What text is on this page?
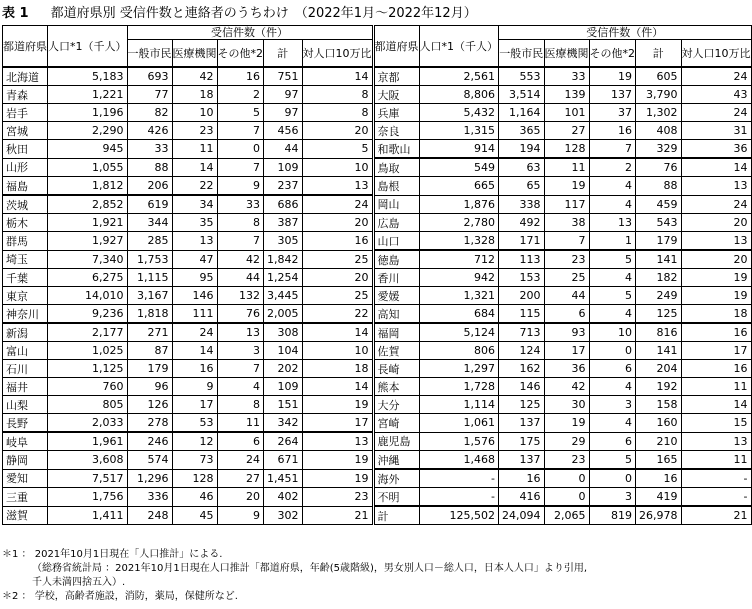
表 1 都道府県別 受信件数と連絡者のうちわけ （2022年1月～2022年12月）
都道府県	人口*1（千人）	受信件数（件）					都道府県	人口*1（千人）	受信件数（件）				
		一般市民	医療機関	その他*2	計	対人口10万比			一般市民	医療機関	その他*2	計	対人口10万比
北海道	5,183	693	42	16	751	14	京都	2,561	553	33	19	605	24
青森	1,221	77	18	2	97	8	大阪	8,806	3,514	139	137	3,790	43
岩手	1,196	82	10	5	97	8	兵庫	5,432	1,164	101	37	1,302	24
宮城	2,290	426	23	7	456	20	奈良	1,315	365	27	16	408	31
秋田	945	33	11	0	44	5	和歌山	914	194	128	7	329	36
山形	1,055	88	14	7	109	10	鳥取	549	63	11	2	76	14
福島	1,812	206	22	9	237	13	島根	665	65	19	4	88	13
茨城	2,852	619	34	33	686	24	岡山	1,876	338	117	4	459	24
栃木	1,921	344	35	8	387	20	広島	2,780	492	38	13	543	20
群馬	1,927	285	13	7	305	16	山口	1,328	171	7	1	179	13
埼玉	7,340	1,753	47	42	1,842	25	徳島	712	113	23	5	141	20
千葉	6,275	1,115	95	44	1,254	20	香川	942	153	25	4	182	19
東京	14,010	3,167	146	132	3,445	25	愛媛	1,321	200	44	5	249	19
神奈川	9,236	1,818	111	76	2,005	22	高知	684	115	6	4	125	18
新潟	2,177	271	24	13	308	14	福岡	5,124	713	93	10	816	16
富山	1,025	87	14	3	104	10	佐賀	806	124	17	0	141	17
石川	1,125	179	16	7	202	18	長崎	1,297	162	36	6	204	16
福井	760	96	9	4	109	14	熊本	1,728	146	42	4	192	11
山梨	805	126	17	8	151	19	大分	1,114	125	30	3	158	14
長野	2,033	278	53	11	342	17	宮崎	1,061	137	19	4	160	15
岐阜	1,961	246	12	6	264	13	鹿児島	1,576	175	29	6	210	13
静岡	3,608	574	73	24	671	19	沖縄	1,468	137	23	5	165	11
愛知	7,517	1,296	128	27	1,451	19	海外	-	16	0	0	16	-
三重	1,756	336	46	20	402	23	不明	-	416	0	3	419	-
滋賀	1,411	248	45	9	302	21	計	125,502	24,094	2,065	819	26,978	21
＊1 ： 2021年10月1日現在「人口推計」による.
（総務省統計局 ：2021年10月1日現在人口推計「都道府県，年齢(5歳階級)，男女別人口－総人口，日本人人口」より引用,
千人未満四捨五入）.
＊2 ： 学校，高齢者施設，消防，薬局，保健所など.
